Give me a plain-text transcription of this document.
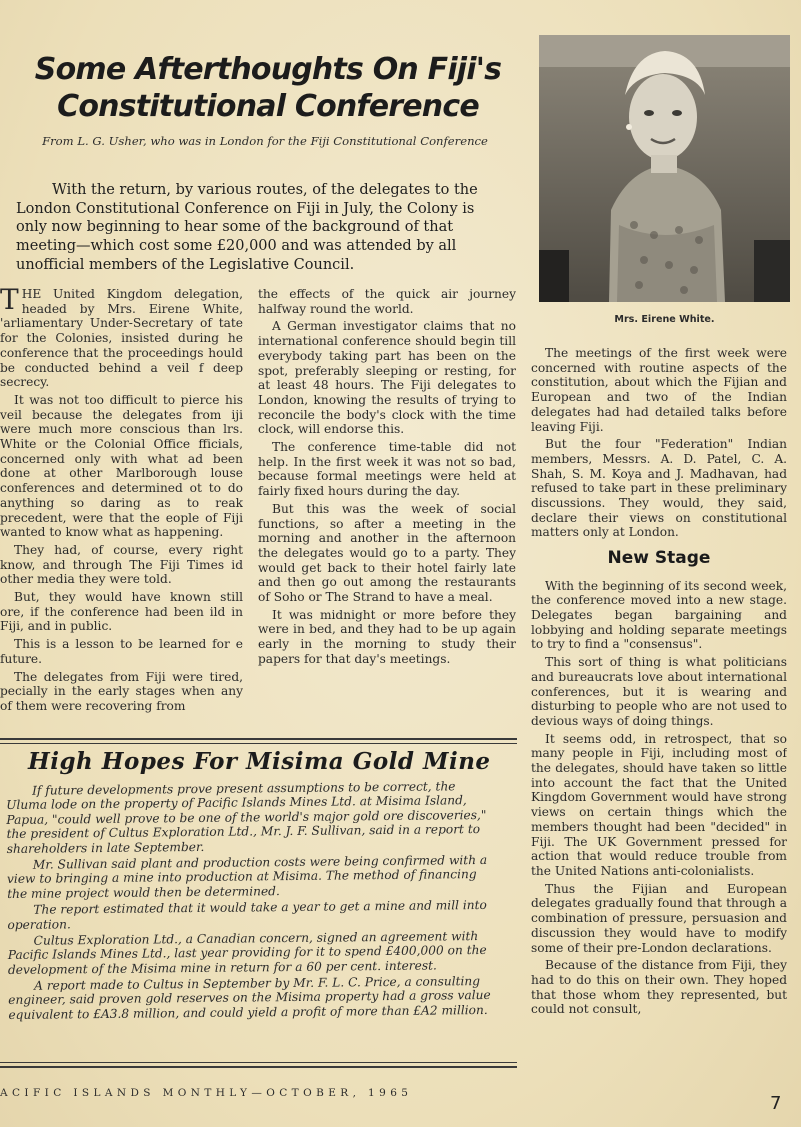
Some Afterthoughts On Fiji's Constitutional Conference
From L. G. Usher, who was in London for the Fiji Constitutional Conference

With the return, by various routes, of the delegates to the London Constitutional Conference on Fiji in July, the Colony is only now beginning to hear some of the background of that meeting—which cost some £20,000 and was attended by all unofficial members of the Legislative Council.

THE United Kingdom delegation, headed by Mrs. Eirene White, 'arliamentary Under-Secretary of tate for the Colonies, insisted during he conference that the proceedings hould be conducted behind a veil f deep secrecy.

It was not too difficult to pierce his veil because the delegates from iji were much more conscious than lrs. White or the Colonial Office fficials, concerned only with what ad been done at other Marlborough louse conferences and determined ot to do anything so daring as to reak precedent, were that the eople of Fiji wanted to know what as happening.

They had, of course, every right know, and through The Fiji Times id other media they were told.

But, they would have known still ore, if the conference had been ild in Fiji, and in public.

This is a lesson to be learned for e future.

The delegates from Fiji were tired, pecially in the early stages when any of them were recovering from

the effects of the quick air journey halfway round the world.

A German investigator claims that no international conference should begin till everybody taking part has been on the spot, preferably sleeping or resting, for at least 48 hours. The Fiji delegates to London, knowing the results of trying to reconcile the body's clock with the time clock, will endorse this.

The conference time-table did not help. In the first week it was not so bad, because formal meetings were held at fairly fixed hours during the day.

But this was the week of social functions, so after a meeting in the morning and another in the afternoon the delegates would go to a party. They would get back to their hotel fairly late and then go out among the restaurants of Soho or The Strand to have a meal.

It was midnight or more before they were in bed, and they had to be up again early in the morning to study their papers for that day's meetings.

Mrs. Eirene White.

The meetings of the first week were concerned with routine aspects of the constitution, about which the Fijian and European and two of the Indian delegates had had detailed talks before leaving Fiji.

But the four "Federation" Indian members, Messrs. A. D. Patel, C. A. Shah, S. M. Koya and J. Madhavan, had refused to take part in these preliminary discussions. They would, they said, declare their views on constitutional matters only at London.

New Stage

With the beginning of its second week, the conference moved into a new stage. Delegates began bargaining and lobbying and holding separate meetings to try to find a "consensus".

This sort of thing is what politicians and bureaucrats love about international conferences, but it is wearing and disturbing to people who are not used to devious ways of doing things.

It seems odd, in retrospect, that so many people in Fiji, including most of the delegates, should have taken so little into account the fact that the United Kingdom Government would have strong views on certain things which the members thought had been "decided" in Fiji. The UK Government pressed for action that would reduce trouble from the United Nations anti-colonialists.

Thus the Fijian and European delegates gradually found that through a combination of pressure, persuasion and discussion they would have to modify some of their pre-London declarations.

Because of the distance from Fiji, they had to do this on their own. They hoped that those whom they represented, but could not consult,

High Hopes For Misima Gold Mine

If future developments prove present assumptions to be correct, the Uluma lode on the property of Pacific Islands Mines Ltd. at Misima Island, Papua, "could well prove to be one of the world's major gold ore discoveries," the president of Cultus Exploration Ltd., Mr. J. F. Sullivan, said in a report to shareholders in late September.

Mr. Sullivan said plant and production costs were being confirmed with a view to bringing a mine into production at Misima. The method of financing the mine project would then be determined.

The report estimated that it would take a year to get a mine and mill into operation.

Cultus Exploration Ltd., a Canadian concern, signed an agreement with Pacific Islands Mines Ltd., last year providing for it to spend £400,000 on the development of the Misima mine in return for a 60 per cent. interest.

A report made to Cultus in September by Mr. F. L. C. Price, a consulting engineer, said proven gold reserves on the Misima property had a gross value equivalent to £A3.8 million, and could yield a profit of more than £A2 million.

ACIFIC ISLANDS MONTHLY—OCTOBER, 1965	7
